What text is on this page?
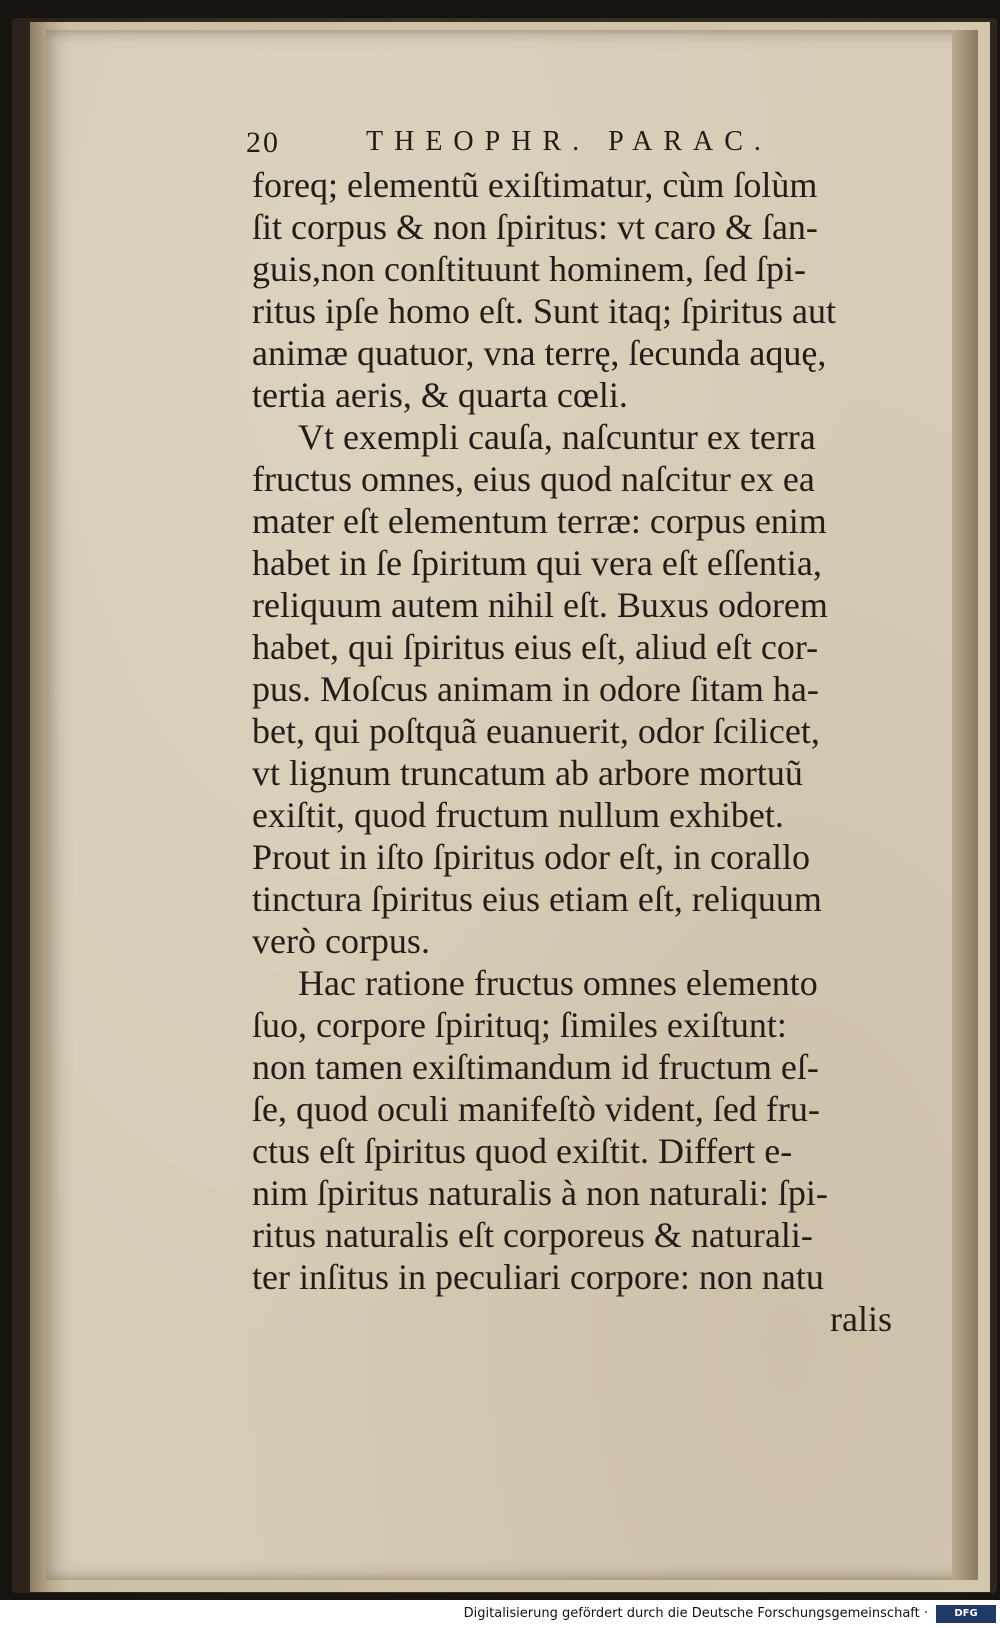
20	THEOPHR. PARAC.
foreq; elementũ exiſtimatur, cùm ſolùm
ſit corpus & non ſpiritus: vt caro & ſan-
guis,non conſtituunt hominem, ſed ſpi-
ritus ipſe homo eſt. Sunt itaq; ſpiritus aut
animæ quatuor, vna terrę, ſecunda aquę,
tertia aeris, & quarta cœli.
Vt exempli cauſa, naſcuntur ex terra
fructus omnes, eius quod naſcitur ex ea
mater eſt elementum terræ: corpus enim
habet in ſe ſpiritum qui vera eſt eſſentia,
reliquum autem nihil eſt. Buxus odorem
habet, qui ſpiritus eius eſt, aliud eſt cor-
pus. Moſcus animam in odore ſitam ha-
bet, qui poſtquã euanuerit, odor ſcilicet,
vt lignum truncatum ab arbore mortuũ
exiſtit, quod fructum nullum exhibet.
Prout in iſto ſpiritus odor eſt, in corallo
tinctura ſpiritus eius etiam eſt, reliquum
verò corpus.
Hac ratione fructus omnes elemento
ſuo, corpore ſpirituq; ſimiles exiſtunt:
non tamen exiſtimandum id fructum eſ-
ſe, quod oculi manifeſtò vident, ſed fru-
ctus eſt ſpiritus quod exiſtit. Differt e-
nim ſpiritus naturalis à non naturali: ſpi-
ritus naturalis eſt corporeus & naturali-
ter inſitus in peculiari corpore: non natu
ralis
Digitalisierung gefördert durch die Deutsche Forschungsgemeinschaft ·	DFG
